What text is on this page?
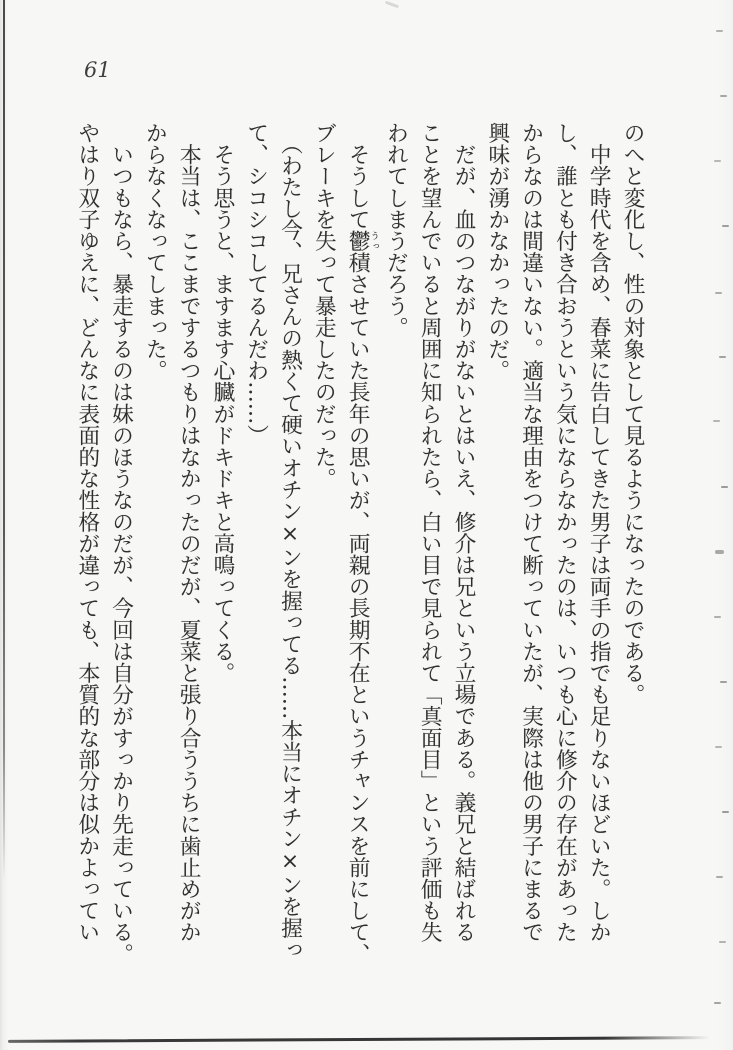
61
のへと変化し、性の対象として見るようになったのである。
　中学時代を含め、春菜に告白してきた男子は両手の指でも足りないほどいた。しか
し、誰とも付き合おうという気にならなかったのは、いつも心に修介の存在があった
からなのは間違いない。適当な理由をつけて断っていたが、実際は他の男子にまるで
興味が湧かなかったのだ。
　だが、血のつながりがないとはいえ、修介は兄という立場である。義兄と結ばれる
ことを望んでいると周囲に知られたら、白い目で見られて「真面目」という評価も失
われてしまうだろう。
　そうして鬱うっ積させていた長年の思いが、両親の長期不在というチャンスを前にして、
ブレーキを失って暴走したのだった。
　（わたし今、兄さんの熱くて硬いオチン×ンを握ってる……本当にオチン×ンを握っ
て、シコシコしてるんだわ……）
　そう思うと、ますます心臓がドキドキと高鳴ってくる。
　本当は、ここまでするつもりはなかったのだが、夏菜と張り合ううちに歯止めがか
からなくなってしまった。
　いつもなら、暴走するのは妹のほうなのだが、今回は自分がすっかり先走っている。
やはり双子ゆえに、どんなに表面的な性格が違っても、本質的な部分は似かよってい
